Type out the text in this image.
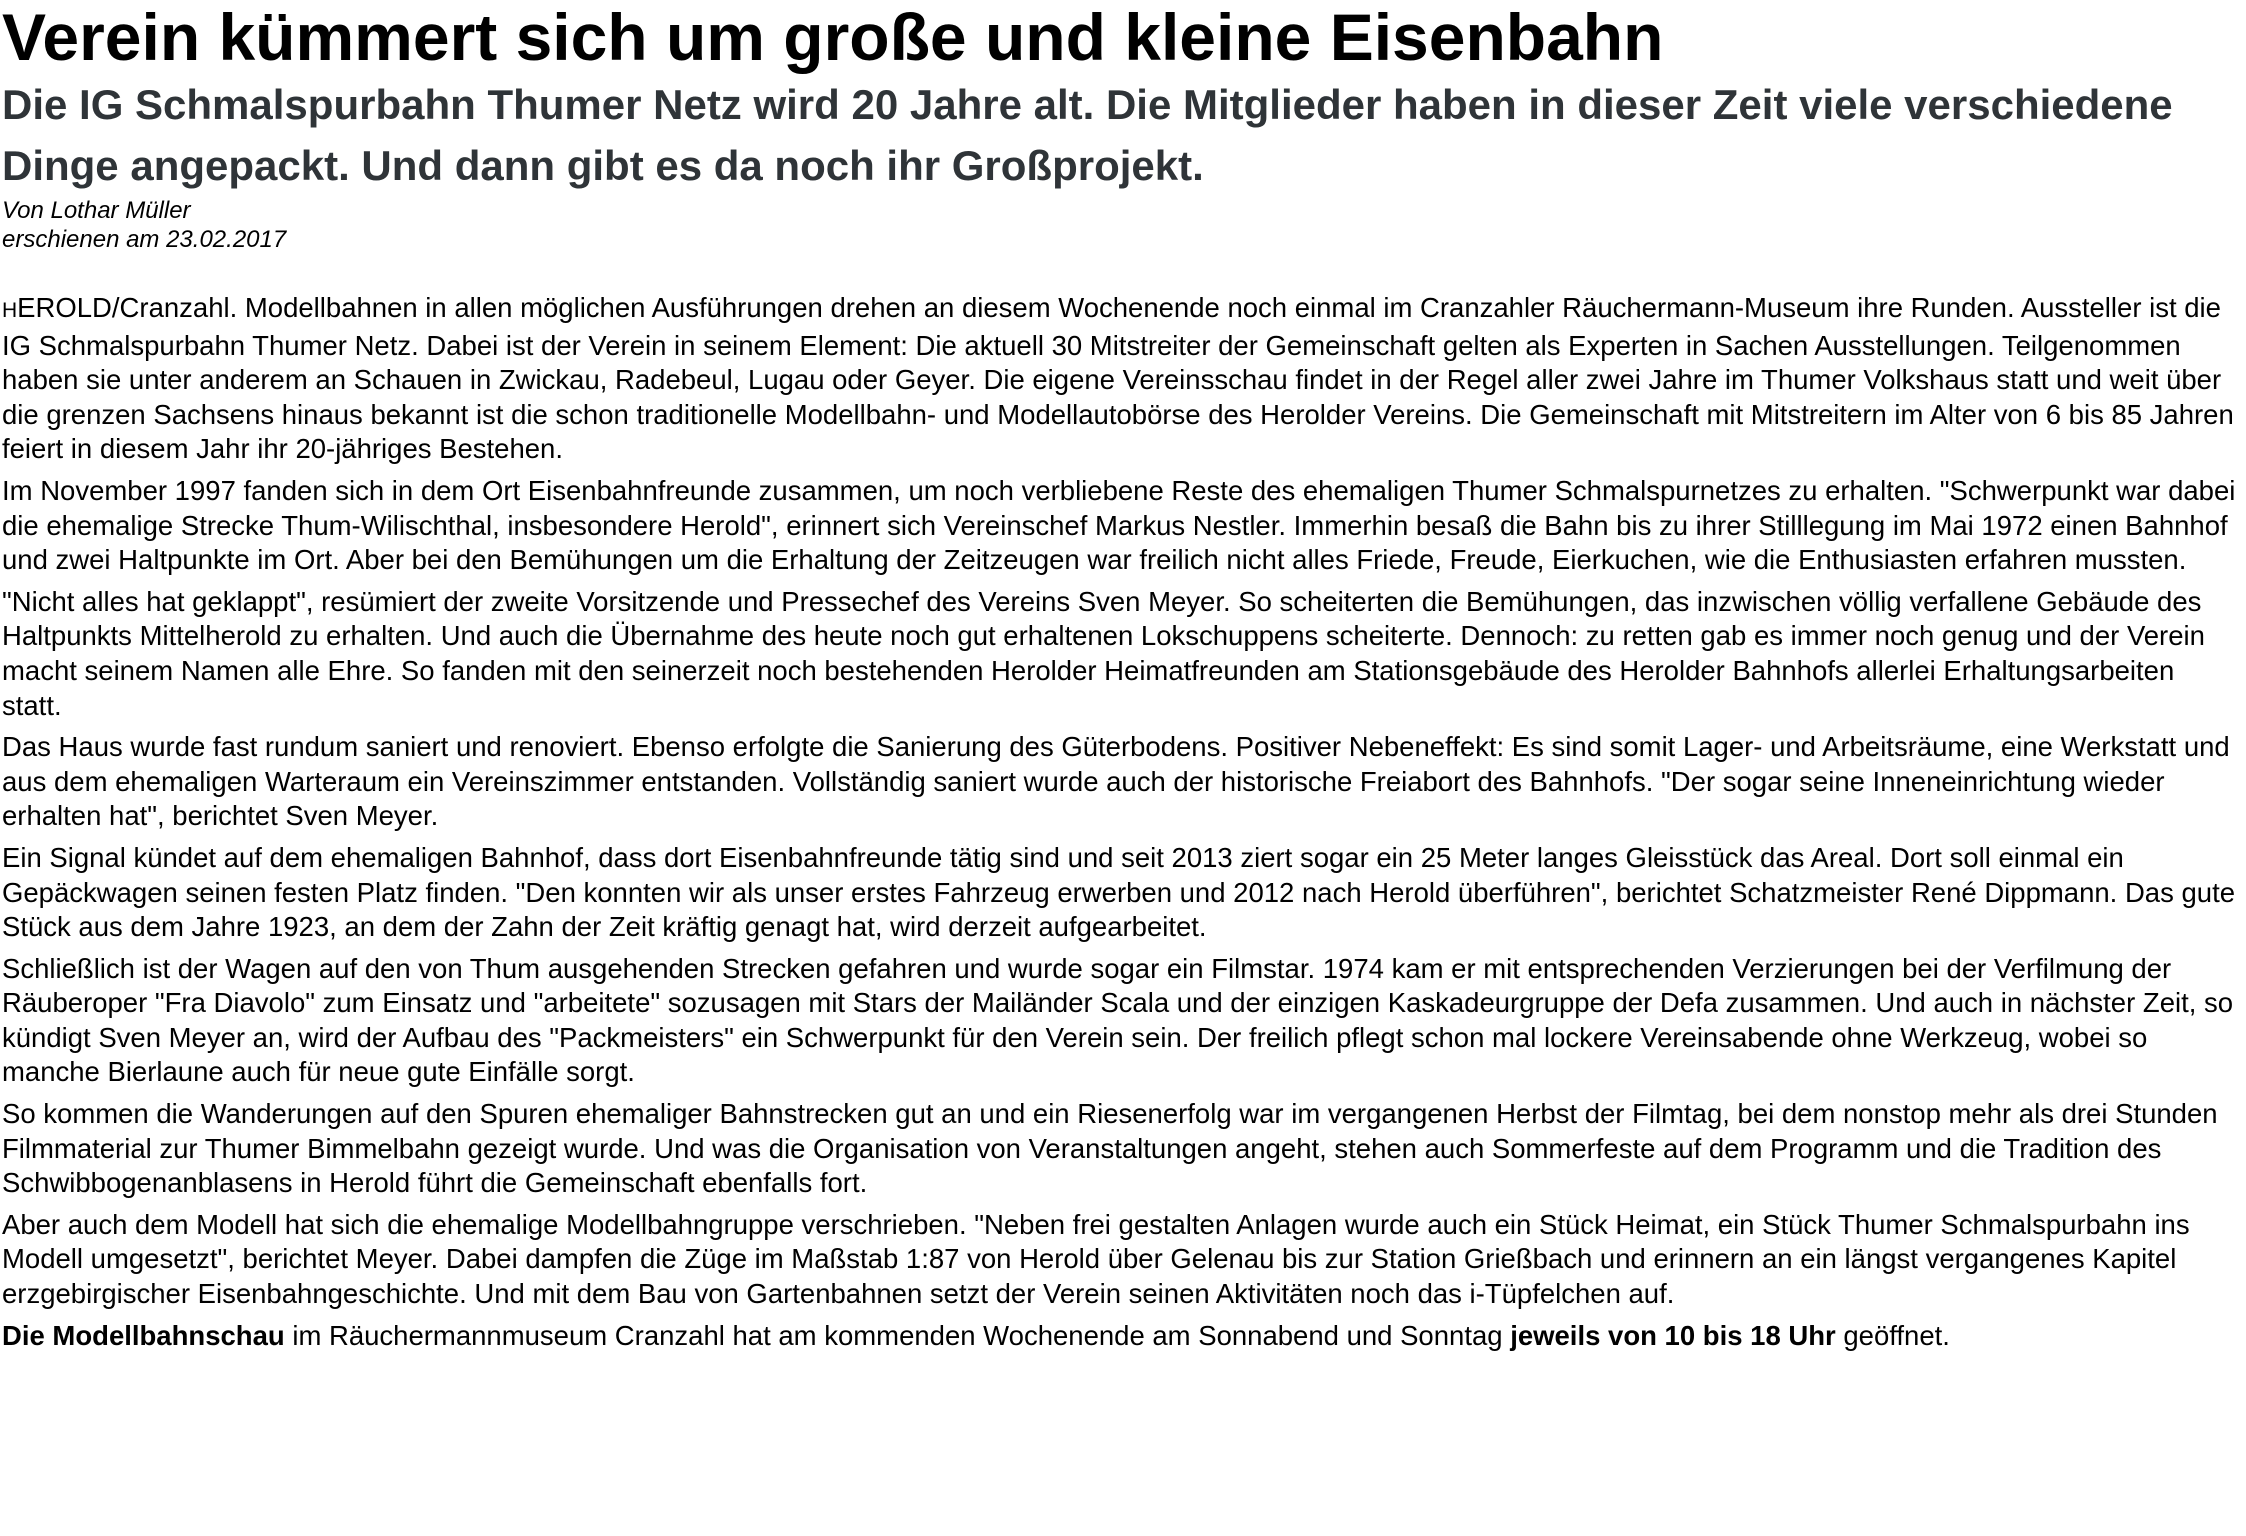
Verein kümmert sich um große und kleine Eisenbahn
Die IG Schmalspurbahn Thumer Netz wird 20 Jahre alt. Die Mitglieder haben in dieser Zeit viele verschiedene Dinge angepackt. Und dann gibt es da noch ihr Großprojekt.
Von Lothar Müller
erschienen am 23.02.2017

HEROLD/Cranzahl. Modellbahnen in allen möglichen Ausführungen drehen an diesem Wochenende noch einmal im Cranzahler Räuchermann-Museum ihre Runden. Aussteller ist die IG Schmalspurbahn Thumer Netz. Dabei ist der Verein in seinem Element: Die aktuell 30 Mitstreiter der Gemeinschaft gelten als Experten in Sachen Ausstellungen. Teilgenommen haben sie unter anderem an Schauen in Zwickau, Radebeul, Lugau oder Geyer. Die eigene Vereinsschau findet in der Regel aller zwei Jahre im Thumer Volkshaus statt und weit über die grenzen Sachsens hinaus bekannt ist die schon traditionelle Modellbahn- und Modellautobörse des Herolder Vereins. Die Gemeinschaft mit Mitstreitern im Alter von 6 bis 85 Jahren feiert in diesem Jahr ihr 20-jähriges Bestehen.

Im November 1997 fanden sich in dem Ort Eisenbahnfreunde zusammen, um noch verbliebene Reste des ehemaligen Thumer Schmalspurnetzes zu erhalten. "Schwerpunkt war dabei die ehemalige Strecke Thum-Wilischthal, insbesondere Herold", erinnert sich Vereinschef Markus Nestler. Immerhin besaß die Bahn bis zu ihrer Stilllegung im Mai 1972 einen Bahnhof und zwei Haltpunkte im Ort. Aber bei den Bemühungen um die Erhaltung der Zeitzeugen war freilich nicht alles Friede, Freude, Eierkuchen, wie die Enthusiasten erfahren mussten.

"Nicht alles hat geklappt", resümiert der zweite Vorsitzende und Pressechef des Vereins Sven Meyer. So scheiterten die Bemühungen, das inzwischen völlig verfallene Gebäude des Haltpunkts Mittelherold zu erhalten. Und auch die Übernahme des heute noch gut erhaltenen Lokschuppens scheiterte. Dennoch: zu retten gab es immer noch genug und der Verein macht seinem Namen alle Ehre. So fanden mit den seinerzeit noch bestehenden Herolder Heimatfreunden am Stationsgebäude des Herolder Bahnhofs allerlei Erhaltungsarbeiten statt.

Das Haus wurde fast rundum saniert und renoviert. Ebenso erfolgte die Sanierung des Güterbodens. Positiver Nebeneffekt: Es sind somit Lager- und Arbeitsräume, eine Werkstatt und aus dem ehemaligen Warteraum ein Vereinszimmer entstanden. Vollständig saniert wurde auch der historische Freiabort des Bahnhofs. "Der sogar seine Inneneinrichtung wieder erhalten hat", berichtet Sven Meyer.

Ein Signal kündet auf dem ehemaligen Bahnhof, dass dort Eisenbahnfreunde tätig sind und seit 2013 ziert sogar ein 25 Meter langes Gleisstück das Areal. Dort soll einmal ein Gepäckwagen seinen festen Platz finden. "Den konnten wir als unser erstes Fahrzeug erwerben und 2012 nach Herold überführen", berichtet Schatzmeister René Dippmann. Das gute Stück aus dem Jahre 1923, an dem der Zahn der Zeit kräftig genagt hat, wird derzeit aufgearbeitet.

Schließlich ist der Wagen auf den von Thum ausgehenden Strecken gefahren und wurde sogar ein Filmstar. 1974 kam er mit entsprechenden Verzierungen bei der Verfilmung der Räuberoper "Fra Diavolo" zum Einsatz und "arbeitete" sozusagen mit Stars der Mailänder Scala und der einzigen Kaskadeurgruppe der Defa zusammen. Und auch in nächster Zeit, so kündigt Sven Meyer an, wird der Aufbau des "Packmeisters" ein Schwerpunkt für den Verein sein. Der freilich pflegt schon mal lockere Vereinsabende ohne Werkzeug, wobei so manche Bierlaune auch für neue gute Einfälle sorgt.

So kommen die Wanderungen auf den Spuren ehemaliger Bahnstrecken gut an und ein Riesenerfolg war im vergangenen Herbst der Filmtag, bei dem nonstop mehr als drei Stunden Filmmaterial zur Thumer Bimmelbahn gezeigt wurde. Und was die Organisation von Veranstaltungen angeht, stehen auch Sommerfeste auf dem Programm und die Tradition des Schwibbogenanblasens in Herold führt die Gemeinschaft ebenfalls fort.

Aber auch dem Modell hat sich die ehemalige Modellbahngruppe verschrieben. "Neben frei gestalten Anlagen wurde auch ein Stück Heimat, ein Stück Thumer Schmalspurbahn ins Modell umgesetzt", berichtet Meyer. Dabei dampfen die Züge im Maßstab 1:87 von Herold über Gelenau bis zur Station Grießbach und erinnern an ein längst vergangenes Kapitel erzgebirgischer Eisenbahngeschichte. Und mit dem Bau von Gartenbahnen setzt der Verein seinen Aktivitäten noch das i-Tüpfelchen auf.

Die Modellbahnschau im Räuchermannmuseum Cranzahl hat am kommenden Wochenende am Sonnabend und Sonntag jeweils von 10 bis 18 Uhr geöffnet.
